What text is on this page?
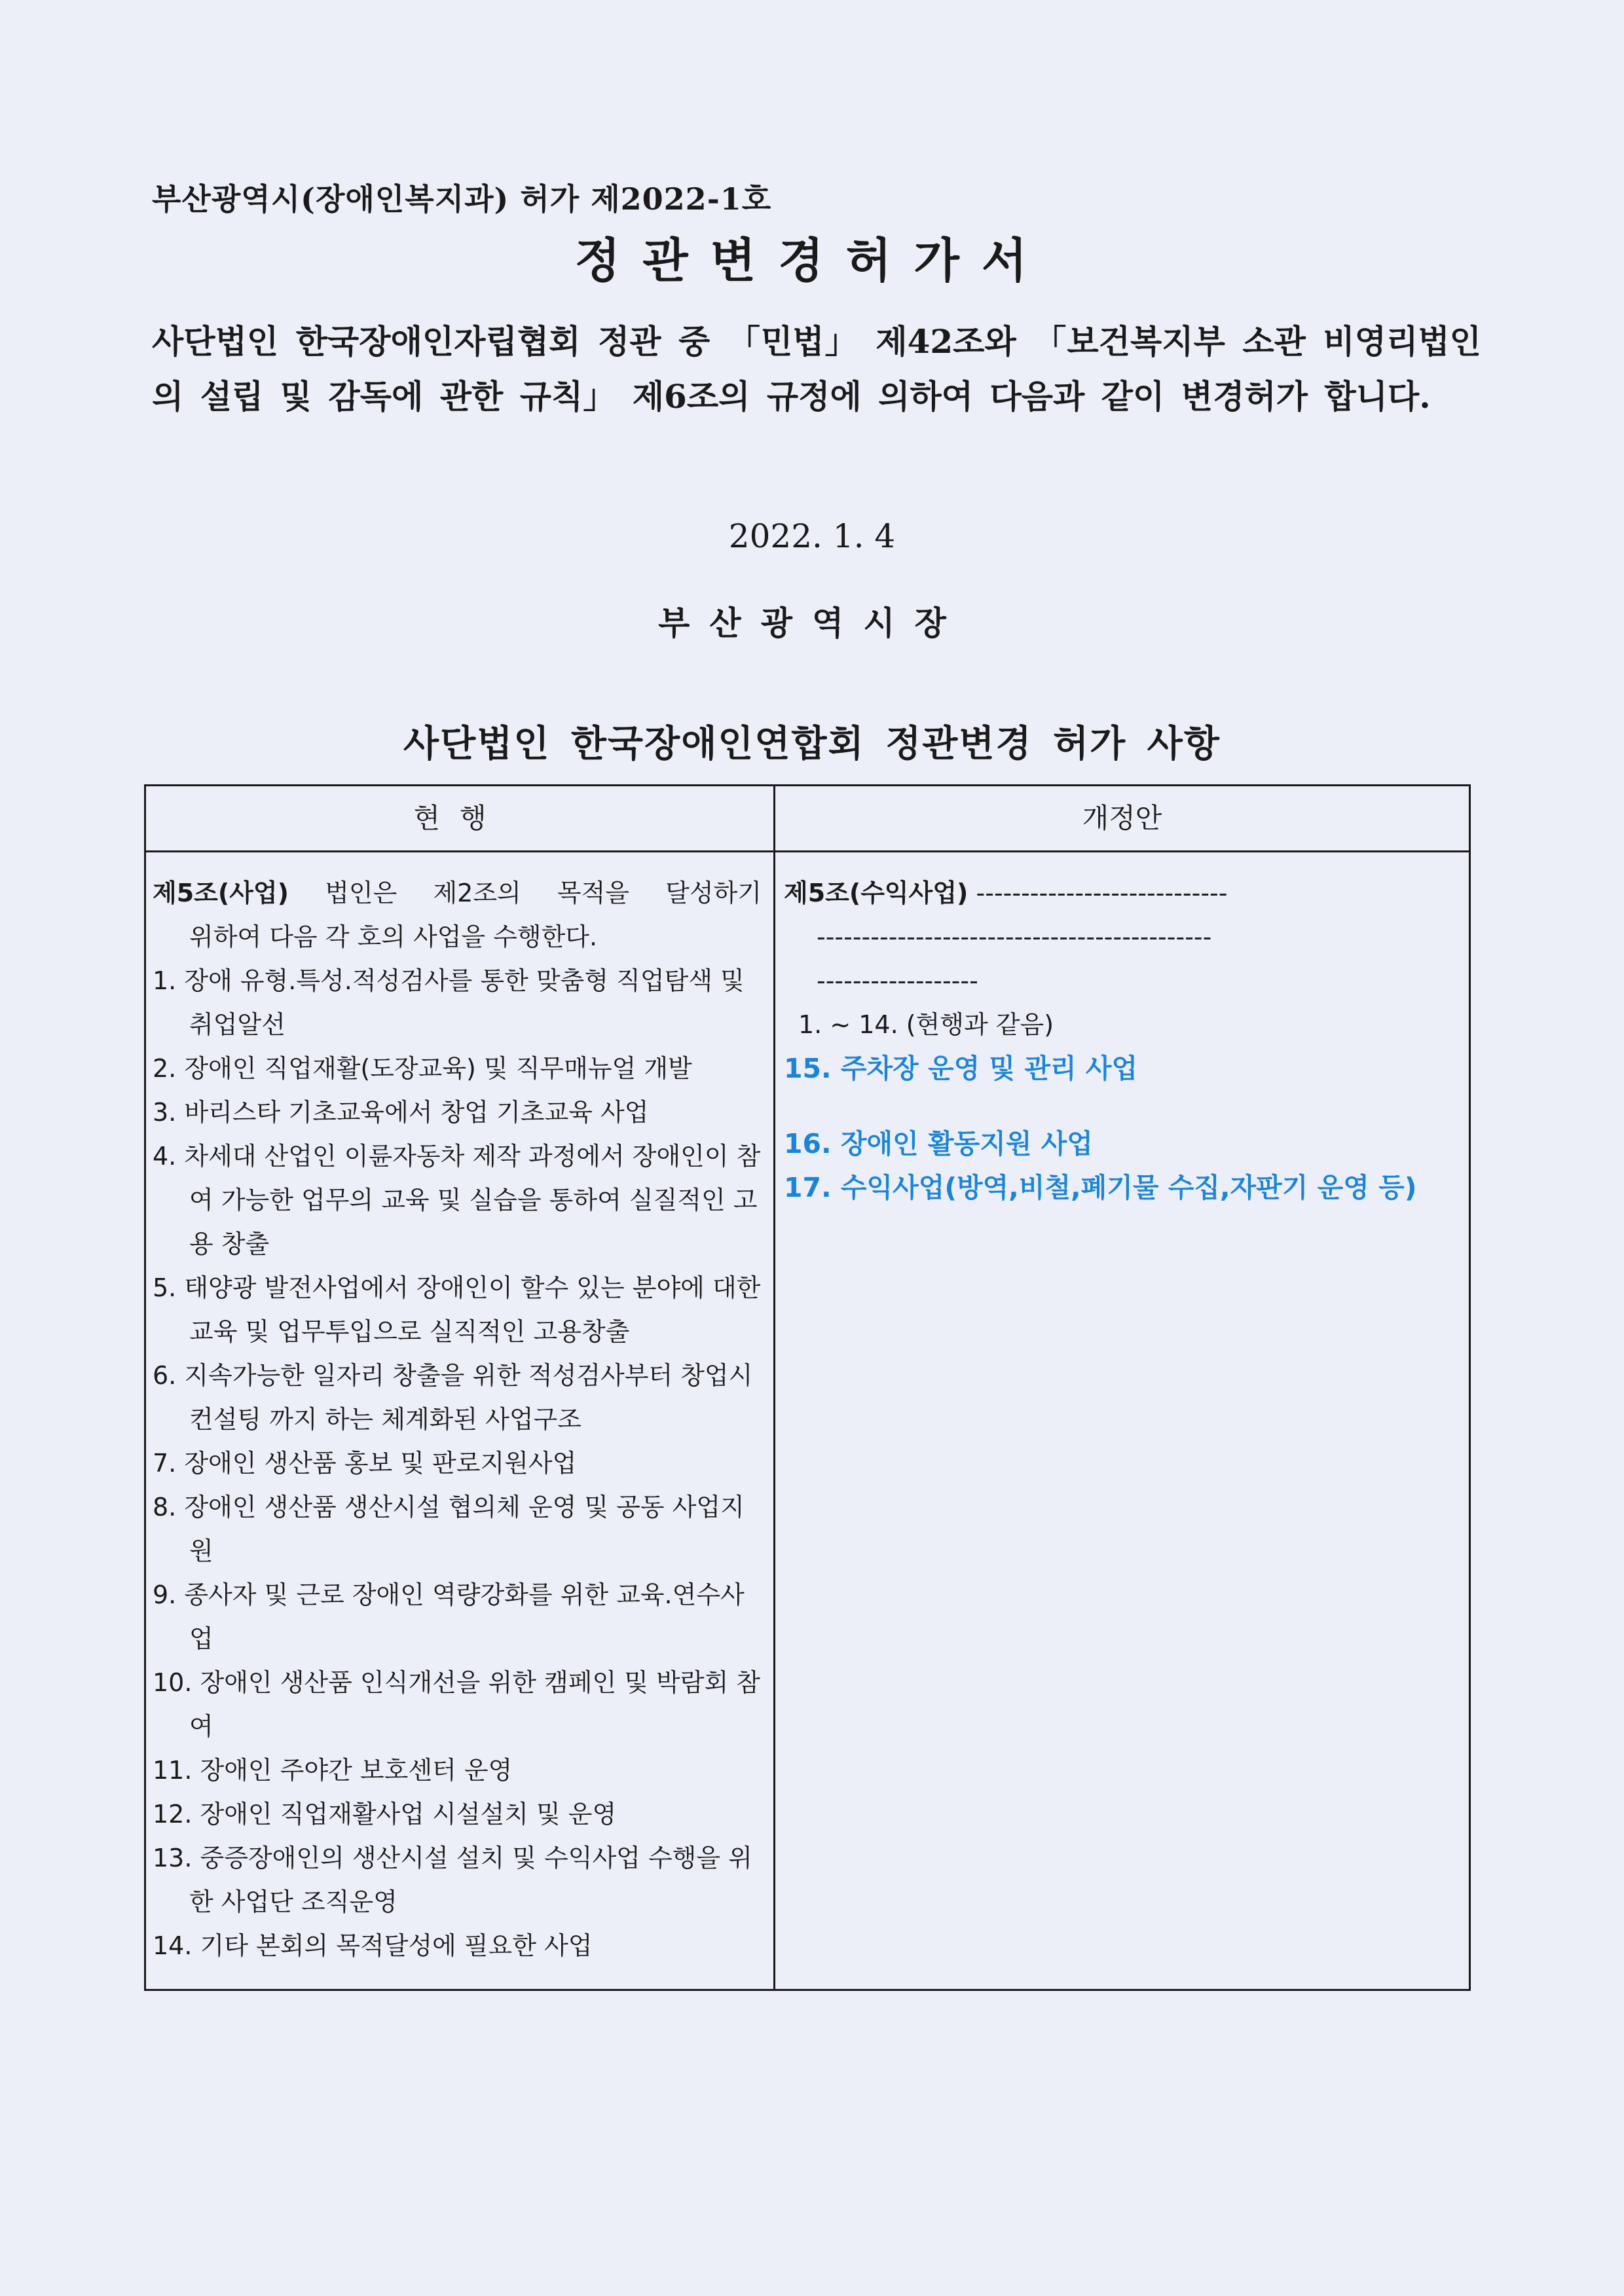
부산광역시(장애인복지과) 허가 제2022-1호
정관변경허가서
사단법인 한국장애인자립협회 정관 중 「민법」 제42조와 「보건복지부 소관 비영리법인의 설립 및 감독에 관한 규칙」 제6조의 규정에 의하여 다음과 같이 변경허가 합니다.
2022. 1. 4
부산광역시장
사단법인 한국장애인연합회 정관변경 허가 사항
현행	개정안
제5조(사업) 법인은 제2조의 목적을 달성하기
위하여 다음 각 호의 사업을 수행한다.
1. 장애 유형.특성.적성검사를 통한 맞춤형 직업탐색 및 취업알선
2. 장애인 직업재활(도장교육) 및 직무매뉴얼 개발
3. 바리스타 기초교육에서 창업 기초교육 사업
4. 차세대 산업인 이륜자동차 제작 과정에서 장애인이 참여 가능한 업무의 교육 및 실습을 통하여 실질적인 고용 창출
5. 태양광 발전사업에서 장애인이 할수 있는 분야에 대한 교육 및 업무투입으로 실직적인 고용창출
6. 지속가능한 일자리 창출을 위한 적성검사부터 창업시 컨설팅 까지 하는 체계화된 사업구조
7. 장애인 생산품 홍보 및 판로지원사업
8. 장애인 생산품 생산시설 협의체 운영 및 공동 사업지원
9. 종사자 및 근로 장애인 역량강화를 위한 교육.연수사업
10. 장애인 생산품 인식개선을 위한 캠페인 및 박람회 참여
11. 장애인 주야간 보호센터 운영
12. 장애인 직업재활사업 시설설치 및 운영
13. 중증장애인의 생산시설 설치 및 수익사업 수행을 위한 사업단 조직운영
14. 기타 본회의 목적달성에 필요한 사업
제5조(수익사업) ----------------------------
--------------------------------------------
------------------
1. ~ 14. (현행과 같음)
15. 주차장 운영 및 관리 사업
16. 장애인 활동지원 사업
17. 수익사업(방역,비철,폐기물 수집,자판기 운영 등)
